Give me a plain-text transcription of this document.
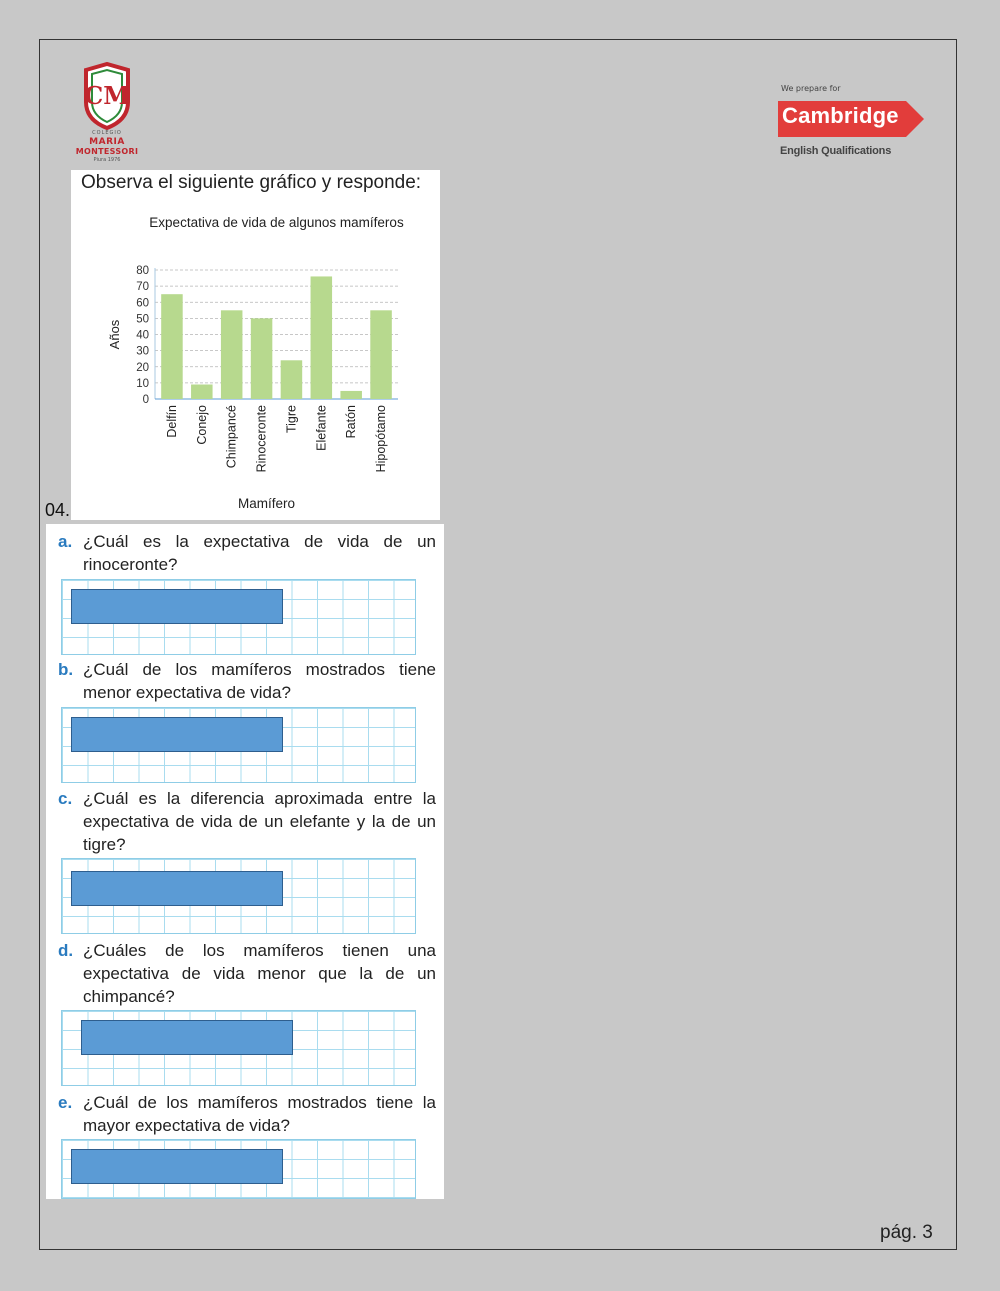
CM
COLEGIO
MARIA
MONTESSORI
Piura 1976
We prepare for
Cambridge
English Qualifications
Observa el siguiente gráfico y responde:
Expectativa de vida de algunos mamíferos
0
10
20
30
40
50
60
70
80
Años
Delfín Conejo Chimpancé Rinoceronte Tigre Elefante Ratón Hipopótamo
Mamífero
04.
a. ¿Cuál es la expectativa de vida de un rinoceronte?
b. ¿Cuál de los mamíferos mostrados tiene menor expectativa de vida?
c. ¿Cuál es la diferencia aproximada entre la expectativa de vida de un elefante y la de un tigre?
d. ¿Cuáles de los mamíferos tienen una expectativa de vida menor que la de un chimpancé?
e. ¿Cuál de los mamíferos mostrados tiene la mayor expectativa de vida?
pág. 3
